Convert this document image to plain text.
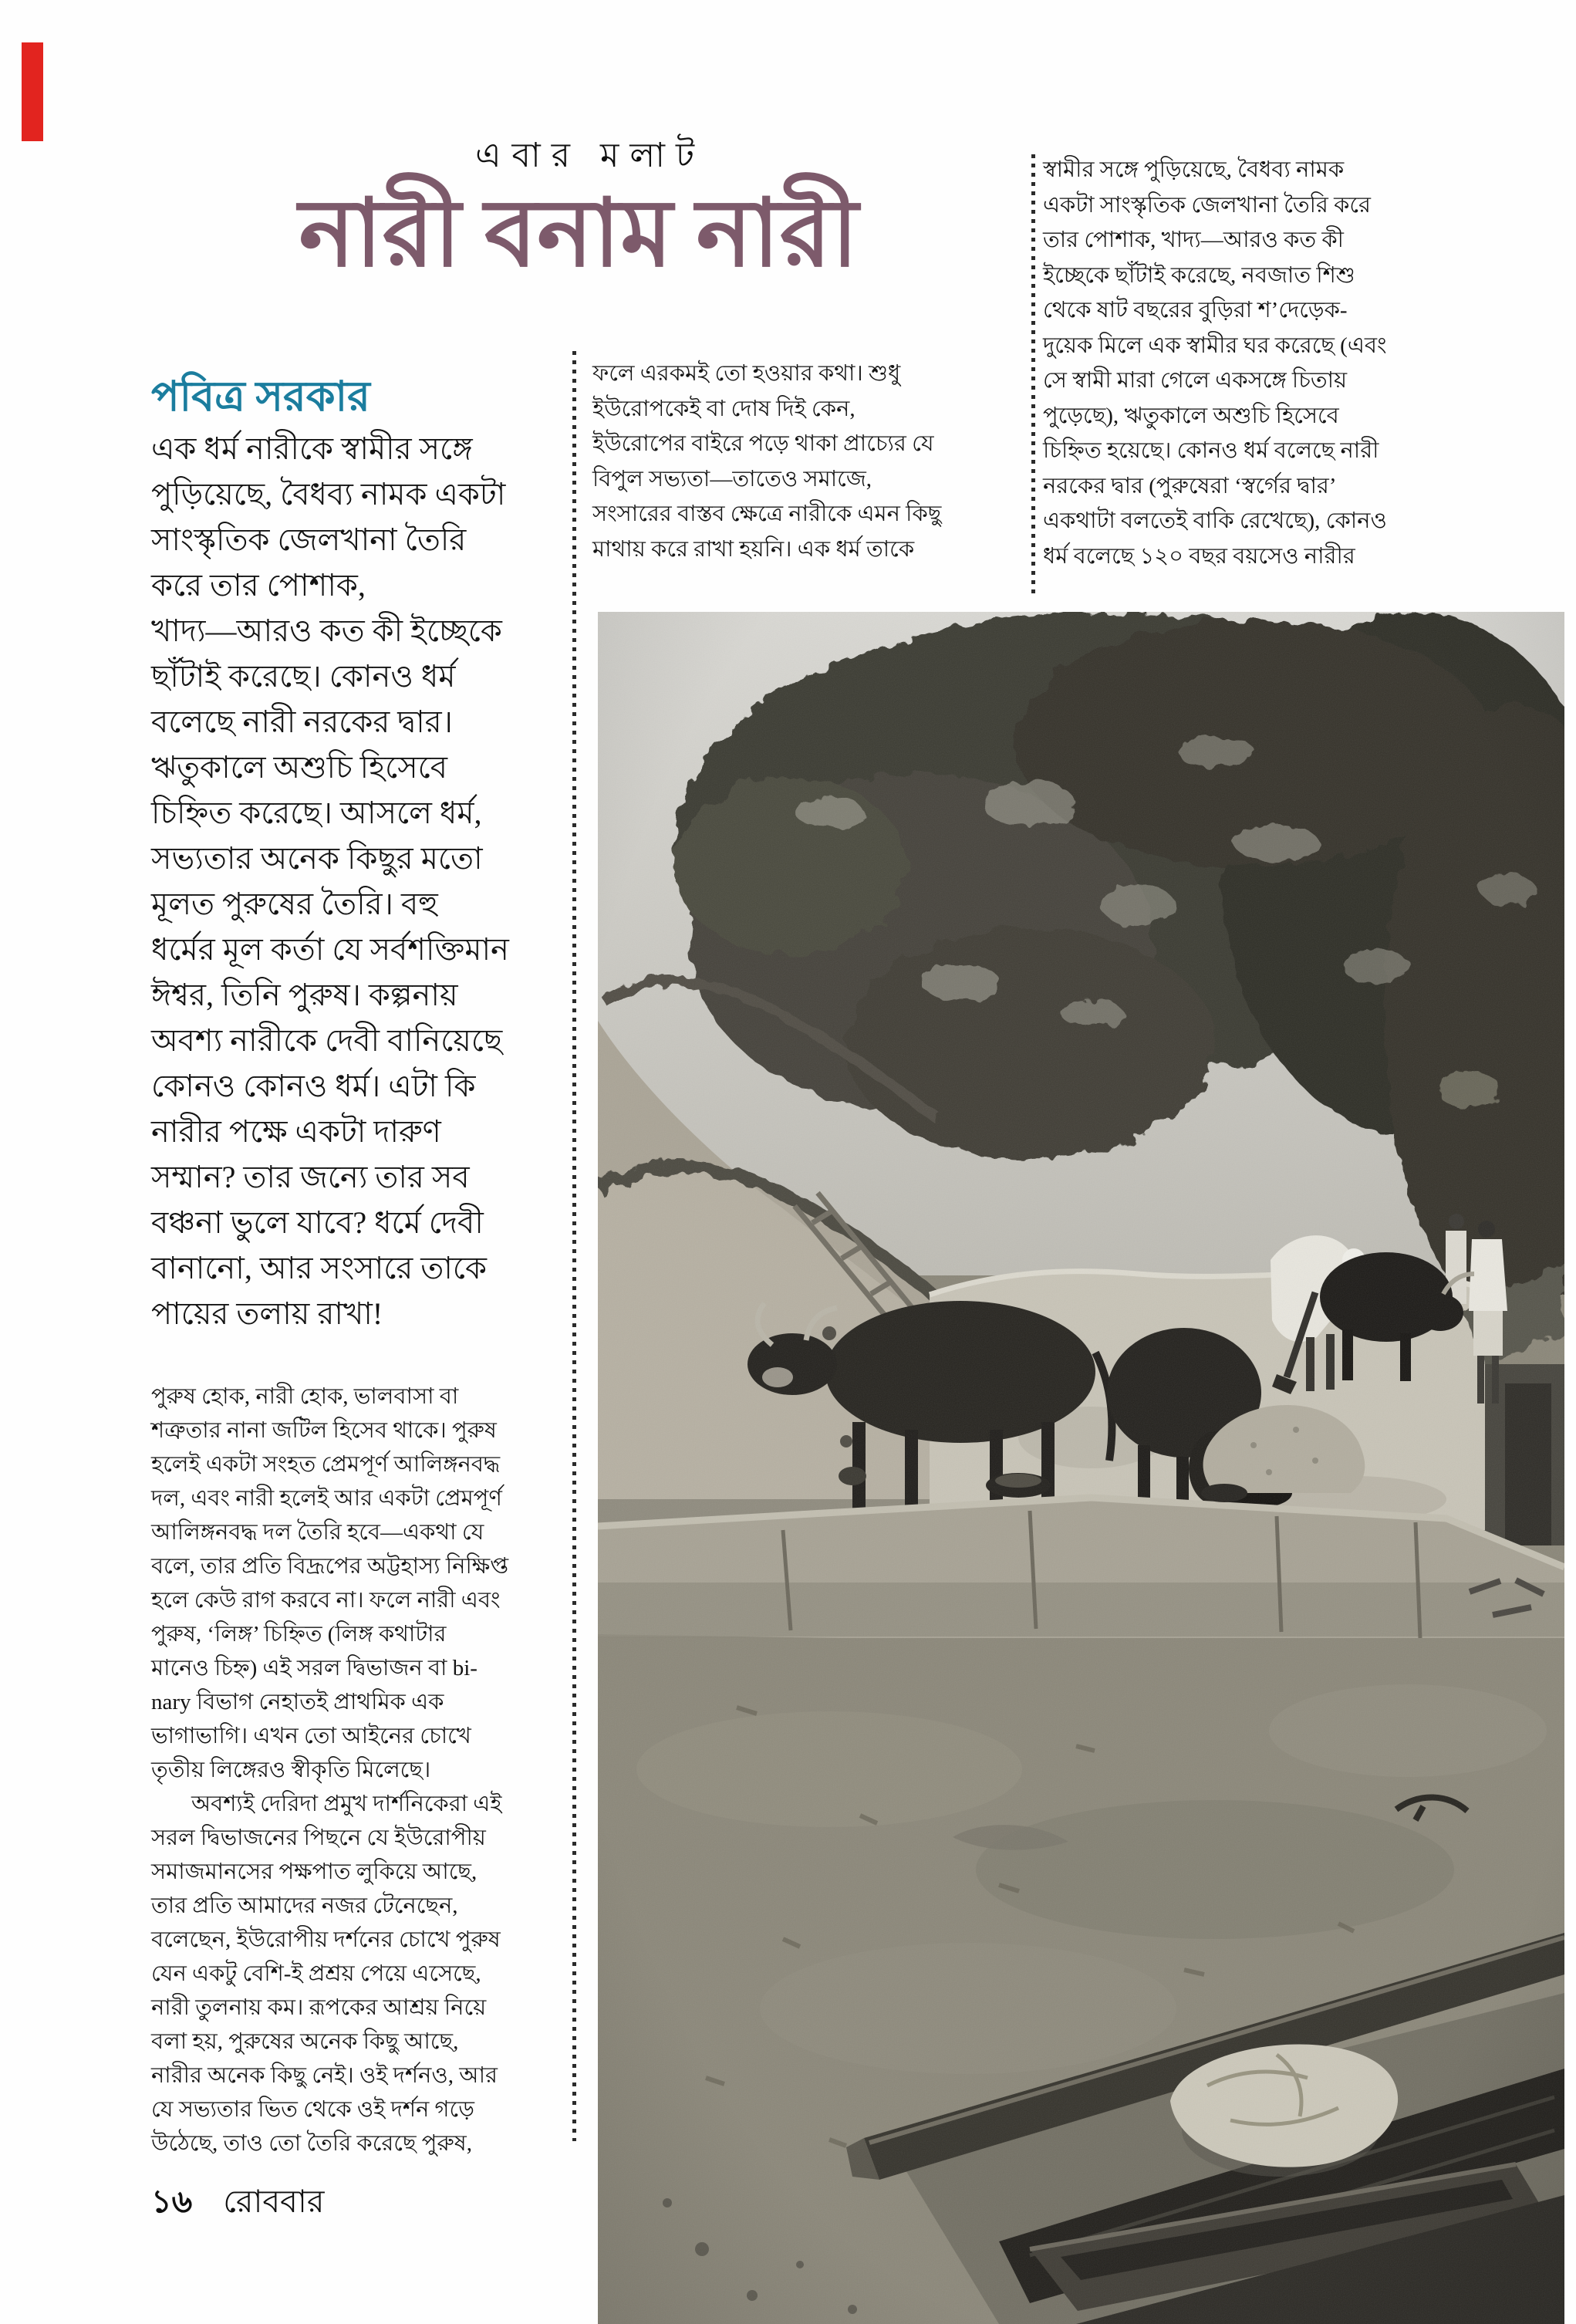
এবার মলাট
নারী বনাম নারী
পবিত্র সরকার
এক ধর্ম নারীকে স্বামীর সঙ্গে
পুড়িয়েছে, বৈধব্য নামক একটা
সাংস্কৃতিক জেলখানা তৈরি
করে তার পোশাক,
খাদ্য—আরও কত কী ইচ্ছেকে
ছাঁটাই করেছে। কোনও ধর্ম
বলেছে নারী নরকের দ্বার।
ঋতুকালে অশুচি হিসেবে
চিহ্নিত করেছে। আসলে ধর্ম,
সভ্যতার অনেক কিছুর মতো
মূলত পুরুষের তৈরি। বহু
ধর্মের মূল কর্তা যে সর্বশক্তিমান
ঈশ্বর, তিনি পুরুষ। কল্পনায়
অবশ্য নারীকে দেবী বানিয়েছে
কোনও কোনও ধর্ম। এটা কি
নারীর পক্ষে একটা দারুণ
সম্মান? তার জন্যে তার সব
বঞ্চনা ভুলে যাবে? ধর্মে দেবী
বানানো, আর সংসারে তাকে
পায়ের তলায় রাখা!
ফলে এরকমই তো হওয়ার কথা। শুধু
ইউরোপকেই বা দোষ দিই কেন,
ইউরোপের বাইরে পড়ে থাকা প্রাচ্যের যে
বিপুল সভ্যতা—তাতেও সমাজে,
সংসারের বাস্তব ক্ষেত্রে নারীকে এমন কিছু
মাথায় করে রাখা হয়নি। এক ধর্ম তাকে
স্বামীর সঙ্গে পুড়িয়েছে, বৈধব্য নামক
একটা সাংস্কৃতিক জেলখানা তৈরি করে
তার পোশাক, খাদ্য—আরও কত কী
ইচ্ছেকে ছাঁটাই করেছে, নবজাত শিশু
থেকে ষাট বছরের বুড়িরা শ’দেড়েক-
দুয়েক মিলে এক স্বামীর ঘর করেছে (এবং
সে স্বামী মারা গেলে একসঙ্গে চিতায়
পুড়েছে), ঋতুকালে অশুচি হিসেবে
চিহ্নিত হয়েছে। কোনও ধর্ম বলেছে নারী
নরকের দ্বার (পুরুষেরা ‘স্বর্গের দ্বার’
একথাটা বলতেই বাকি রেখেছে), কোনও
ধর্ম বলেছে ১২০ বছর বয়সেও নারীর
পুরুষ হোক, নারী হোক, ভালবাসা বা
শত্রুতার নানা জটিল হিসেব থাকে। পুরুষ
হলেই একটা সংহত প্রেমপূর্ণ আলিঙ্গনবদ্ধ
দল, এবং নারী হলেই আর একটা প্রেমপূর্ণ
আলিঙ্গনবদ্ধ দল তৈরি হবে—একথা যে
বলে, তার প্রতি বিদ্রূপের অট্টহাস্য নিক্ষিপ্ত
হলে কেউ রাগ করবে না। ফলে নারী এবং
পুরুষ, ‘লিঙ্গ’ চিহ্নিত (লিঙ্গ কথাটার
মানেও চিহ্ন) এই সরল দ্বিভাজন বা bi-
nary বিভাগ নেহাতই প্রাথমিক এক
ভাগাভাগি। এখন তো আইনের চোখে
তৃতীয় লিঙ্গেরও স্বীকৃতি মিলেছে।
অবশ্যই দেরিদা প্রমুখ দার্শনিকেরা এই
সরল দ্বিভাজনের পিছনে যে ইউরোপীয়
সমাজমানসের পক্ষপাত লুকিয়ে আছে,
তার প্রতি আমাদের নজর টেনেছেন,
বলেছেন, ইউরোপীয় দর্শনের চোখে পুরুষ
যেন একটু বেশি-ই প্রশ্রয় পেয়ে এসেছে,
নারী তুলনায় কম। রূপকের আশ্রয় নিয়ে
বলা হয়, পুরুষের অনেক কিছু আছে,
নারীর অনেক কিছু নেই। ওই দর্শনও, আর
যে সভ্যতার ভিত থেকে ওই দর্শন গড়ে
উঠেছে, তাও তো তৈরি করেছে পুরুষ,
১৬ রোববার
